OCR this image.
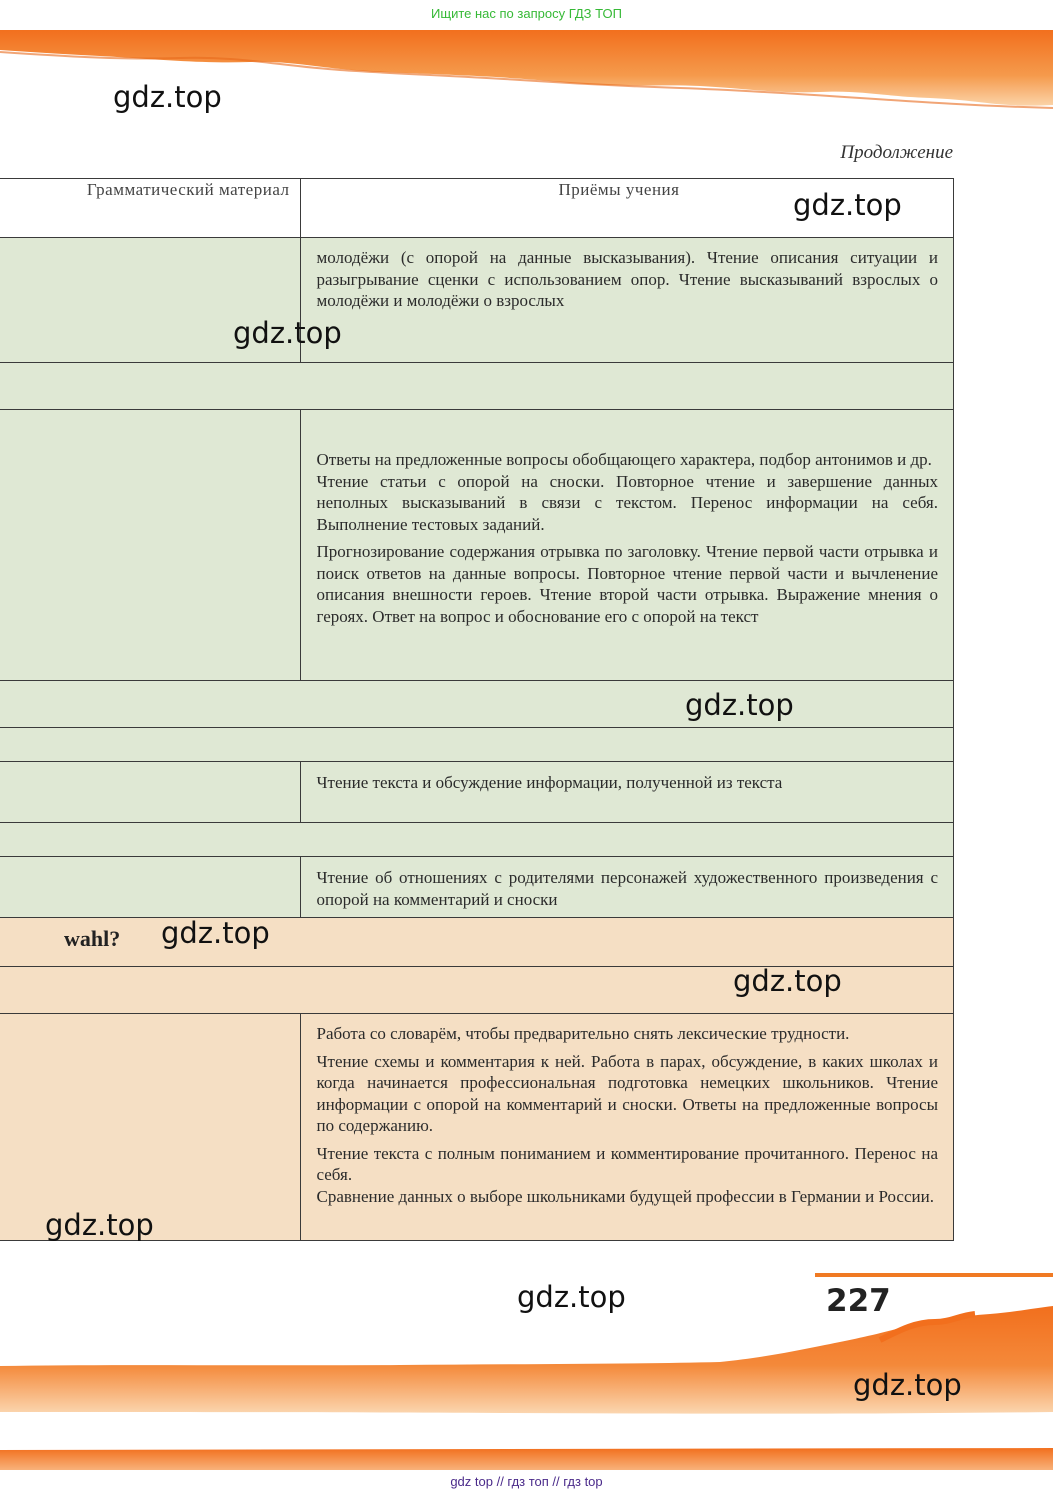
Ищите нас по запросу ГДЗ ТОП
gdz.top
Продолжение
Грамматический материал	Приёмы учения

	молодёжи (с опорой на данные высказывания). Чтение описания ситуации и разыгрывание сценки с использованием опор. Чтение высказываний взрослых о молодёжи и молодёжи о взрослых

	Ответы на предложенные вопросы обобщающего характера, подбор антонимов и др.

Чтение статьи с опорой на сноски. Повторное чтение и завершение данных неполных высказываний в связи с текстом. Перенос информации на себя. Выполнение тестовых заданий.

Прогнозирование содержания отрывка по заголовку. Чтение первой части отрывка и поиск ответов на данные вопросы. Повторное чтение первой части и вычленение описания внешности героев. Чтение второй части отрывка. Выражение мнения о героях. Ответ на вопрос и обоснование его с опорой на текст

	Чтение текста и обсуждение информации, полученной из текста

	Чтение об отношениях с родителями персонажей художественного произведения с опорой на комментарий и сноски

wahl?	

	Работа со словарём, чтобы предварительно снять лексические трудности.

Чтение схемы и комментария к ней. Работа в парах, обсуждение, в каких школах и когда начинается профессиональная подготовка немецких школьников. Чтение информации с опорой на комментарий и сноски. Ответы на предложенные вопросы по содержанию.

Чтение текста с полным пониманием и комментирование прочитанного. Перенос на себя.

Сравнение данных о выборе школьниками будущей профессии в Германии и России.

gdz.top
gdz.top
gdz.top
gdz.top
gdz.top
gdz.top
gdz.top	227
gdz.top
gdz top // гдз топ // гдз top
